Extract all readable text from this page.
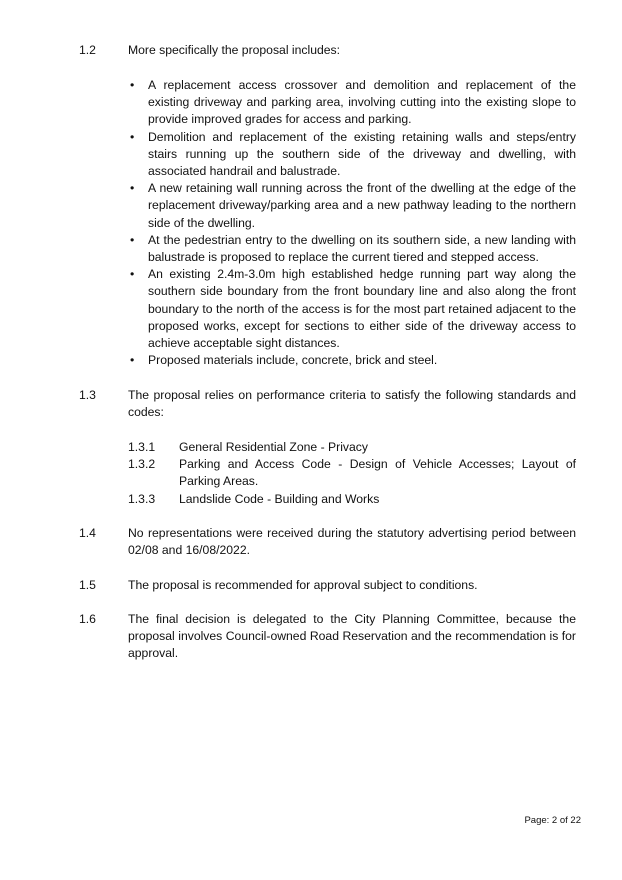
1.2	More specifically the proposal includes:
• A replacement access crossover and demolition and replacement of the existing driveway and parking area, involving cutting into the existing slope to provide improved grades for access and parking.
• Demolition and replacement of the existing retaining walls and steps/entry stairs running up the southern side of the driveway and dwelling, with associated handrail and balustrade.
• A new retaining wall running across the front of the dwelling at the edge of the replacement driveway/parking area and a new pathway leading to the northern side of the dwelling.
• At the pedestrian entry to the dwelling on its southern side, a new landing with balustrade is proposed to replace the current tiered and stepped access.
• An existing 2.4m-3.0m high established hedge running part way along the southern side boundary from the front boundary line and also along the front boundary to the north of the access is for the most part retained adjacent to the proposed works, except for sections to either side of the driveway access to achieve acceptable sight distances.
• Proposed materials include, concrete, brick and steel.
1.3	The proposal relies on performance criteria to satisfy the following standards and codes:
1.3.1 General Residential Zone - Privacy
1.3.2 Parking and Access Code - Design of Vehicle Accesses; Layout of Parking Areas.
1.3.3 Landslide Code - Building and Works
1.4	No representations were received during the statutory advertising period between 02/08 and 16/08/2022.
1.5	The proposal is recommended for approval subject to conditions.
1.6	The final decision is delegated to the City Planning Committee, because the proposal involves Council-owned Road Reservation and the recommendation is for approval.
Page: 2 of 22
